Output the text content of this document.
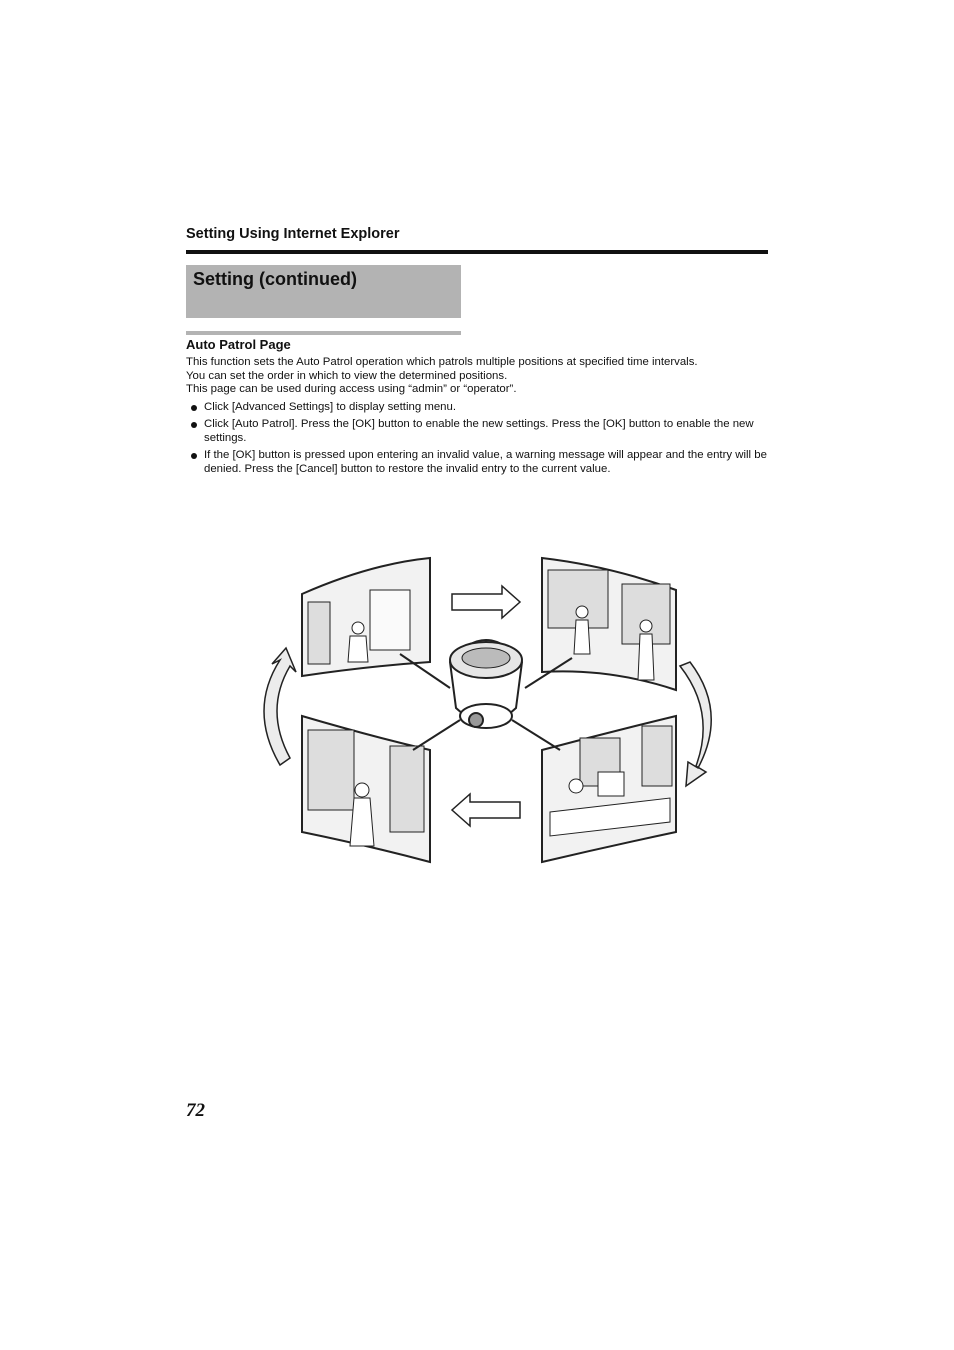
Setting Using Internet Explorer
Setting (continued)
Auto Patrol Page

This function sets the Auto Patrol operation which patrols multiple positions at specified time intervals.

You can set the order in which to view the determined positions.

This page can be used during access using “admin” or “operator”.

Click [Advanced Settings] to display setting menu.
Click [Auto Patrol]. Press the [OK] button to enable the new settings. Press the [OK] button to enable the new settings.
If the [OK] button is pressed upon entering an invalid value, a warning message will appear and the entry will be denied. Press the [Cancel] button to restore the invalid entry to the current value.
72
